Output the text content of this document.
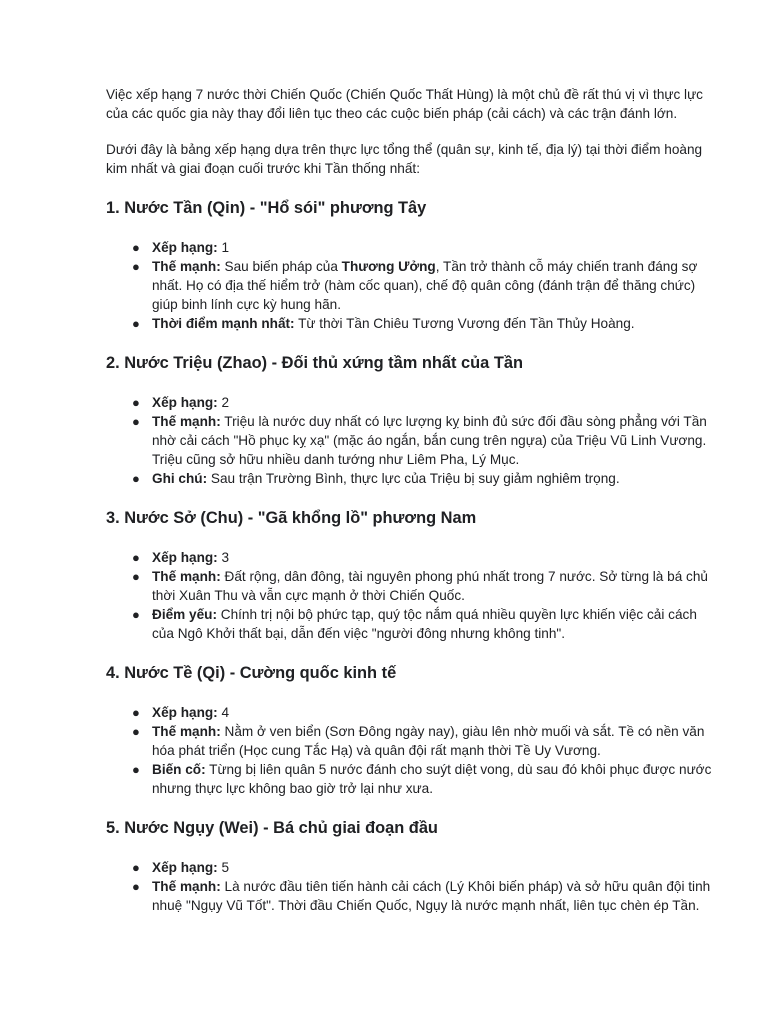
Việc xếp hạng 7 nước thời Chiến Quốc (Chiến Quốc Thất Hùng) là một chủ đề rất thú vị vì thực lực của các quốc gia này thay đổi liên tục theo các cuộc biến pháp (cải cách) và các trận đánh lớn.

Dưới đây là bảng xếp hạng dựa trên thực lực tổng thể (quân sự, kinh tế, địa lý) tại thời điểm hoàng kim nhất và giai đoạn cuối trước khi Tần thống nhất:

1. Nước Tần (Qin) - "Hổ sói" phương Tây
● Xếp hạng: 1
● Thế mạnh: Sau biến pháp của Thương Ưởng, Tần trở thành cỗ máy chiến tranh đáng sợ nhất. Họ có địa thế hiểm trở (hàm cốc quan), chế độ quân công (đánh trận để thăng chức) giúp binh lính cực kỳ hung hãn.
● Thời điểm mạnh nhất: Từ thời Tần Chiêu Tương Vương đến Tần Thủy Hoàng.
2. Nước Triệu (Zhao) - Đối thủ xứng tầm nhất của Tần
● Xếp hạng: 2
● Thế mạnh: Triệu là nước duy nhất có lực lượng kỵ binh đủ sức đối đầu sòng phẳng với Tần nhờ cải cách "Hồ phục kỵ xạ" (mặc áo ngắn, bắn cung trên ngựa) của Triệu Vũ Linh Vương. Triệu cũng sở hữu nhiều danh tướng như Liêm Pha, Lý Mục.
● Ghi chú: Sau trận Trường Bình, thực lực của Triệu bị suy giảm nghiêm trọng.
3. Nước Sở (Chu) - "Gã khổng lồ" phương Nam
● Xếp hạng: 3
● Thế mạnh: Đất rộng, dân đông, tài nguyên phong phú nhất trong 7 nước. Sở từng là bá chủ thời Xuân Thu và vẫn cực mạnh ở thời Chiến Quốc.
● Điểm yếu: Chính trị nội bộ phức tạp, quý tộc nắm quá nhiều quyền lực khiến việc cải cách của Ngô Khởi thất bại, dẫn đến việc "người đông nhưng không tinh".
4. Nước Tề (Qi) - Cường quốc kinh tế
● Xếp hạng: 4
● Thế mạnh: Nằm ở ven biển (Sơn Đông ngày nay), giàu lên nhờ muối và sắt. Tề có nền văn hóa phát triển (Học cung Tắc Hạ) và quân đội rất mạnh thời Tề Uy Vương.
● Biến cố: Từng bị liên quân 5 nước đánh cho suýt diệt vong, dù sau đó khôi phục được nước nhưng thực lực không bao giờ trở lại như xưa.
5. Nước Ngụy (Wei) - Bá chủ giai đoạn đầu
● Xếp hạng: 5
● Thế mạnh: Là nước đầu tiên tiến hành cải cách (Lý Khôi biến pháp) và sở hữu quân đội tinh nhuệ "Ngụy Vũ Tốt". Thời đầu Chiến Quốc, Ngụy là nước mạnh nhất, liên tục chèn ép Tần.
